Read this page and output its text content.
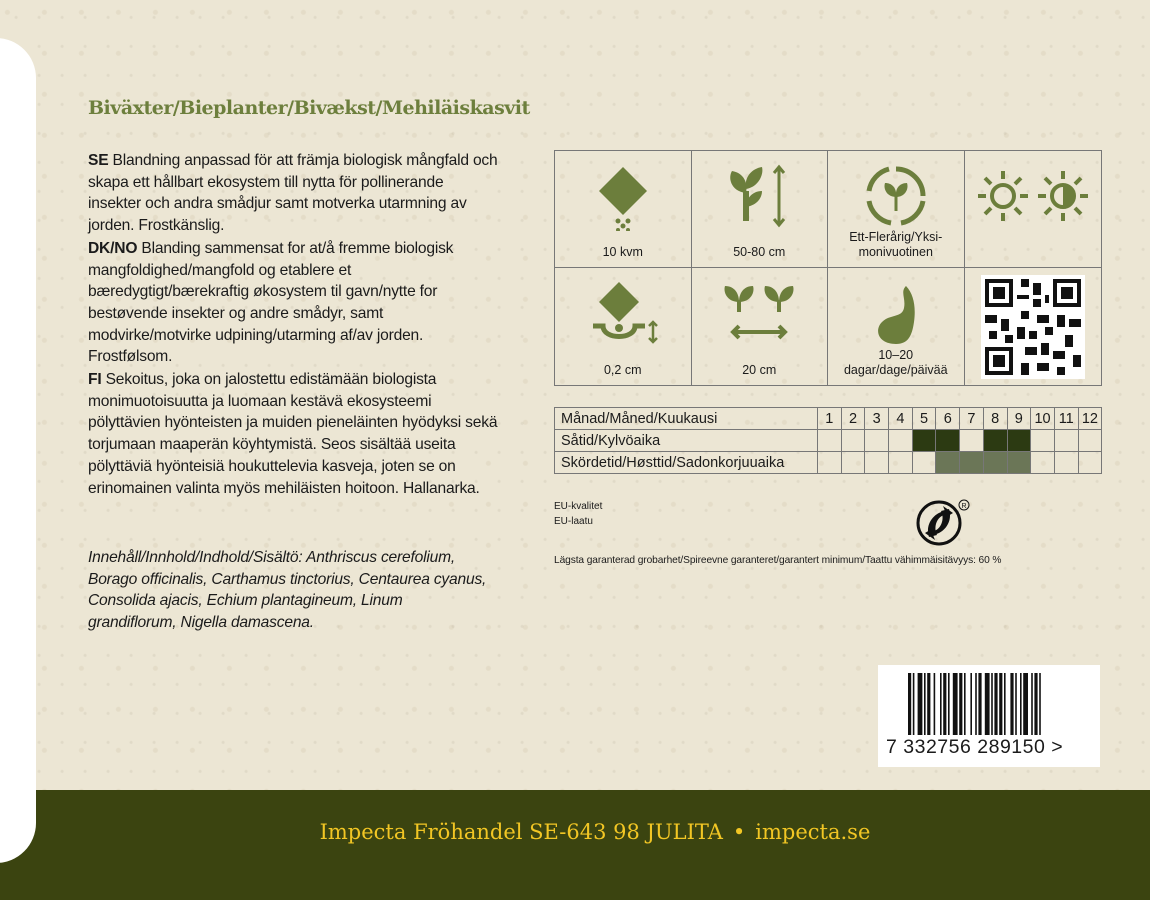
Biväxter/Bieplanter/Bivækst/Mehiläiskasvit

SE Blandning anpassad för att främja biologisk mångfald och skapa ett hållbart ekosystem till nytta för pollinerande insekter och andra smådjur samt motverka utarmning av jorden. Frostkänslig.

DK/NO Blanding sammensat for at/å fremme biologisk mangfoldighed/mangfold og etablere et bæredygtigt/bærekraftig økosystem til gavn/nytte for bestøvende insekter og andre smådyr, samt modvirke/motvirke udpining/utarming af/av jorden. Frostfølsom.

FI Sekoitus, joka on jalostettu edistämään biologista monimuotoisuutta ja luomaan kestävä ekosysteemi pölyttävien hyönteisten ja muiden pieneläinten hyödyksi sekä torjumaan maaperän köyhtymistä. Seos sisältää useita pölyttäviä hyönteisiä houkuttelevia kasveja, joten se on erinomainen valinta myös mehiläisten hoitoon. Hallanarka.

Innehåll/Innhold/Indhold/Sisältö: Anthriscus cerefolium, Borago officinalis, Carthamus tinctorius, Centaurea cyanus, Consolida ajacis, Echium plantagineum, Linum grandiflorum, Nigella damascena.
10 kvm	50-80 cm
Ett-Flerårig/Yksi-monivuotinen
0,2 cm	20 cm
10–20 dagar/dage/päivää
Månad/Måned/Kuukausi	1	2	3	4	5	6	7	8	9	10	11	12
Såtid/Kylvöaika												
Skördetid/Høsttid/Sadonkorjuuaika												
EU-kvalitet
EU-laatu
R
Lägsta garanterad grobarhet/Spireevne garanteret/garantert minimum/Taattu vähimmäisitävyys: 60 %
7 332756 289150 >
Impecta Fröhandel SE-643 98 JULITA • impecta.se
